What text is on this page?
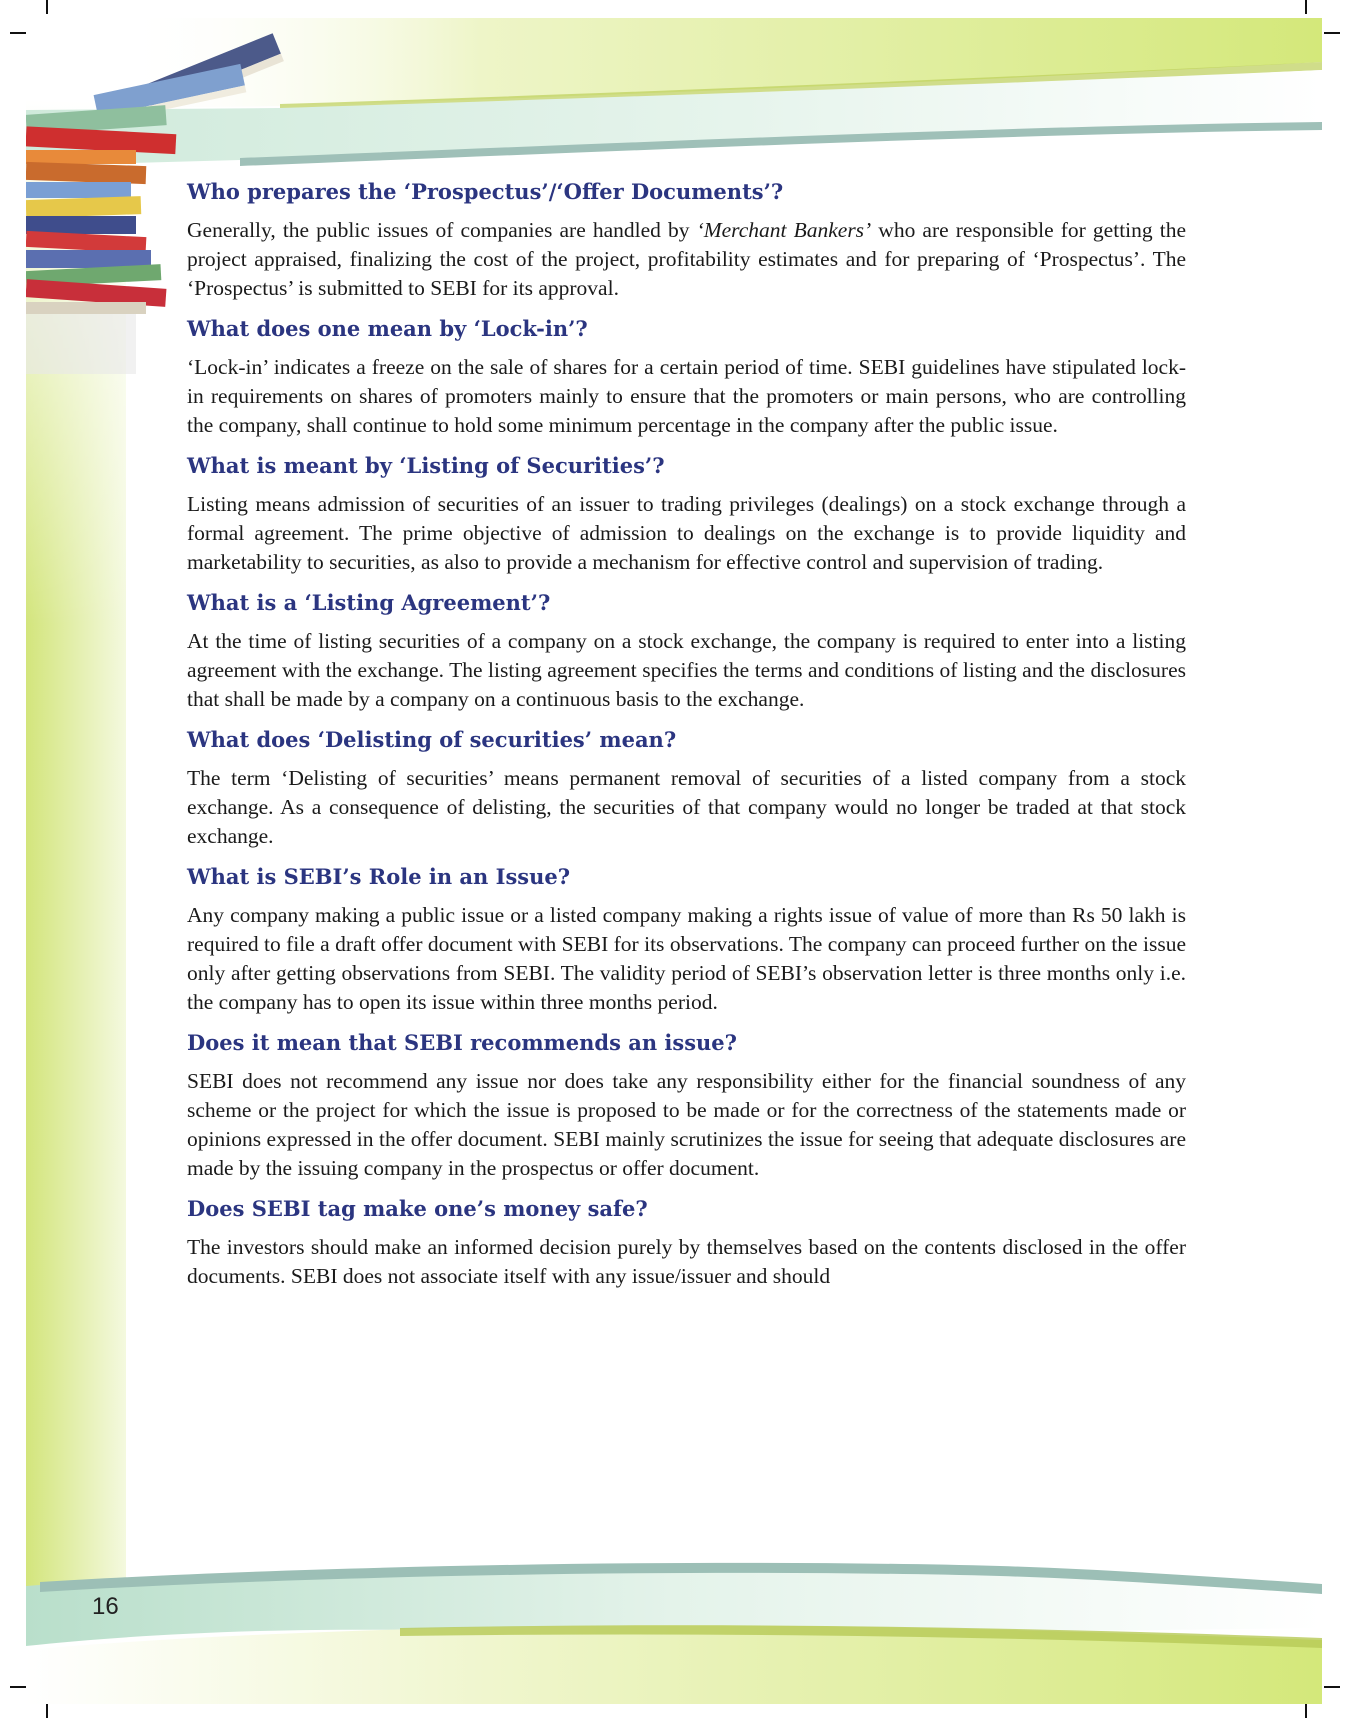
Who prepares the ‘Prospectus’/‘Offer Documents’?

Generally, the public issues of companies are handled by ‘Merchant Bankers’ who are responsible for getting the project appraised, finalizing the cost of the project, profitability estimates and for preparing of ‘Prospectus’. The ‘Prospectus’ is submitted to SEBI for its approval.

What does one mean by ‘Lock-in’?

‘Lock-in’ indicates a freeze on the sale of shares for a certain period of time. SEBI guidelines have stipulated lock-in requirements on shares of promoters mainly to ensure that the promoters or main persons, who are controlling the company, shall continue to hold some minimum percentage in the company after the public issue.

What is meant by ‘Listing of Securities’?

Listing means admission of securities of an issuer to trading privileges (dealings) on a stock exchange through a formal agreement. The prime objective of admission to dealings on the exchange is to provide liquidity and marketability to securities, as also to provide a mechanism for effective control and supervision of trading.

What is a ‘Listing Agreement’?

At the time of listing securities of a company on a stock exchange, the company is required to enter into a listing agreement with the exchange. The listing agreement specifies the terms and conditions of listing and the disclosures that shall be made by a company on a continuous basis to the exchange.

What does ‘Delisting of securities’ mean?

The term ‘Delisting of securities’ means permanent removal of securities of a listed company from a stock exchange. As a consequence of delisting, the securities of that company would no longer be traded at that stock exchange.

What is SEBI’s Role in an Issue?

Any company making a public issue or a listed company making a rights issue of value of more than Rs 50 lakh is required to file a draft offer document with SEBI for its observations. The company can proceed further on the issue only after getting observations from SEBI. The validity period of SEBI’s observation letter is three months only i.e. the company has to open its issue within three months period.

Does it mean that SEBI recommends an issue?

SEBI does not recommend any issue nor does take any responsibility either for the financial soundness of any scheme or the project for which the issue is proposed to be made or for the correctness of the statements made or opinions expressed in the offer document. SEBI mainly scrutinizes the issue for seeing that adequate disclosures are made by the issuing company in the prospectus or offer document.

Does SEBI tag make one’s money safe?

The investors should make an informed decision purely by themselves based on the contents disclosed in the offer documents. SEBI does not associate itself with any issue/issuer and should

16
